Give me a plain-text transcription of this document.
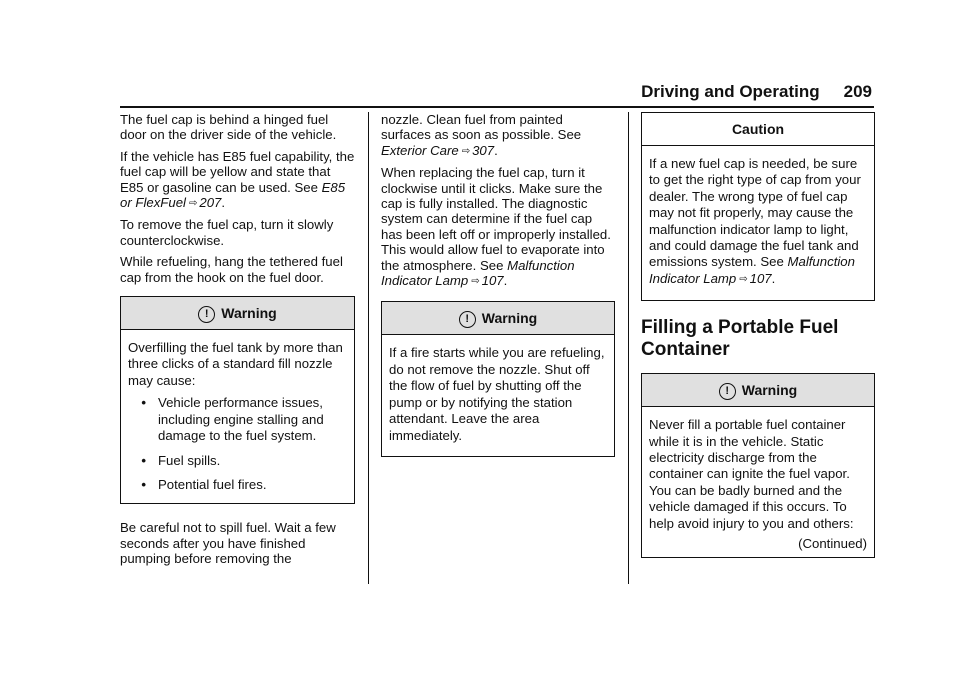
Driving and Operating 209

The fuel cap is behind a hinged fuel door on the driver side of the vehicle.

If the vehicle has E85 fuel capability, the fuel cap will be yellow and state that E85 or gasoline can be used. See E85 or FlexFuel ⇨ 207.

To remove the fuel cap, turn it slowly counterclockwise.

While refueling, hang the tethered fuel cap from the hook on the fuel door.

! Warning

Overfilling the fuel tank by more than three clicks of a standard fill nozzle may cause:

• Vehicle performance issues, including engine stalling and damage to the fuel system.
• Fuel spills.
• Potential fuel fires.

Be careful not to spill fuel. Wait a few seconds after you have finished pumping before removing the

nozzle. Clean fuel from painted surfaces as soon as possible. See Exterior Care ⇨ 307.

When replacing the fuel cap, turn it clockwise until it clicks. Make sure the cap is fully installed. The diagnostic system can determine if the fuel cap has been left off or improperly installed. This would allow fuel to evaporate into the atmosphere. See Malfunction Indicator Lamp ⇨ 107.

! Warning

If a fire starts while you are refueling, do not remove the nozzle. Shut off the flow of fuel by shutting off the pump or by notifying the station attendant. Leave the area immediately.

Caution

If a new fuel cap is needed, be sure to get the right type of cap from your dealer. The wrong type of fuel cap may not fit properly, may cause the malfunction indicator lamp to light, and could damage the fuel tank and emissions system. See Malfunction Indicator Lamp ⇨ 107.

Filling a Portable Fuel Container
! Warning

Never fill a portable fuel container while it is in the vehicle. Static electricity discharge from the container can ignite the fuel vapor. You can be badly burned and the vehicle damaged if this occurs. To help avoid injury to you and others:

(Continued)
